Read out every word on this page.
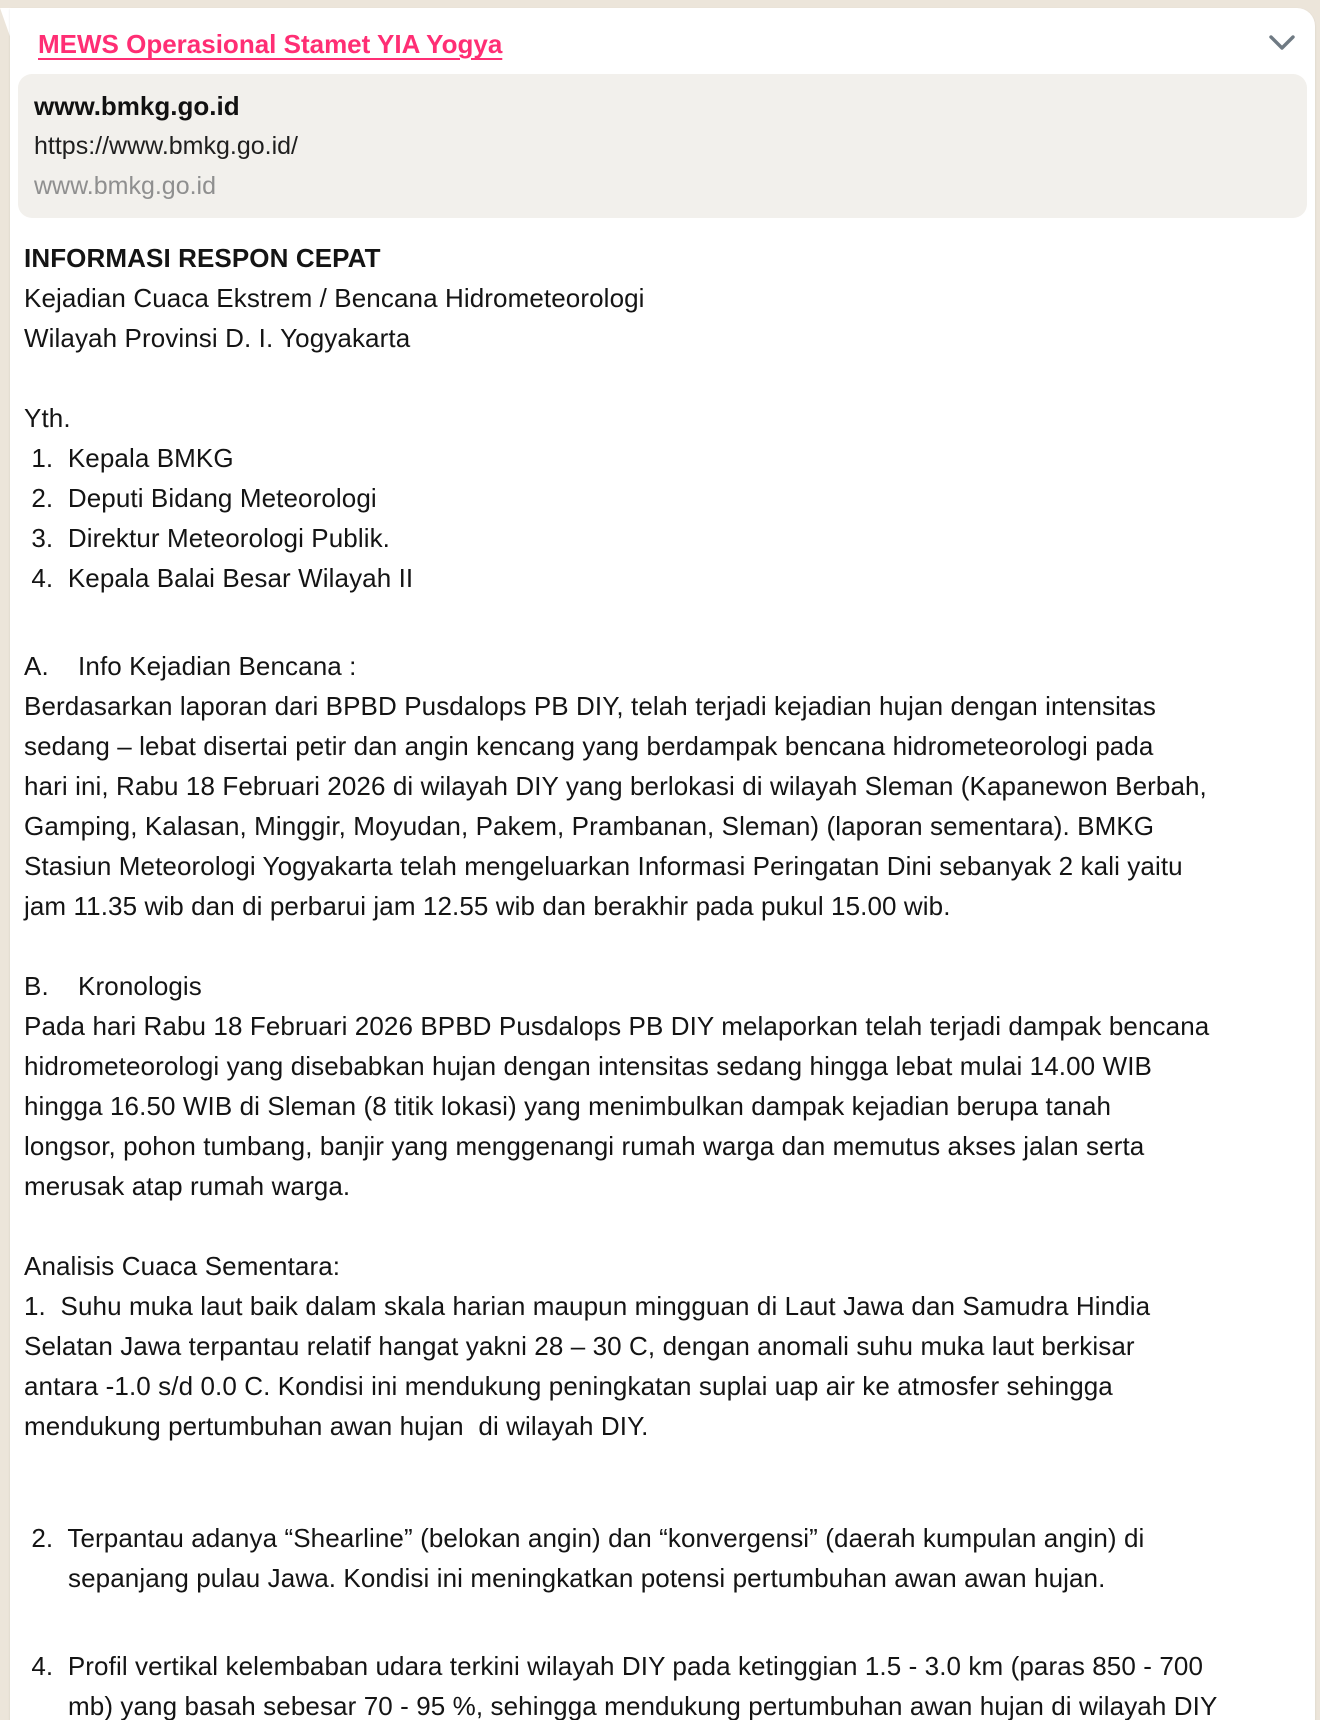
MEWS Operasional Stamet YIA Yogya
www.bmkg.go.id
https://www.bmkg.go.id/
www.bmkg.go.id
INFORMASI RESPON CEPAT
Kejadian Cuaca Ekstrem / Bencana Hidrometeorologi
Wilayah Provinsi D. I. Yogyakarta
Yth.
1.  Kepala BMKG
2.  Deputi Bidang Meteorologi
3.  Direktur Meteorologi Publik.
4.  Kepala Balai Besar Wilayah II
A.    Info Kejadian Bencana :
Berdasarkan laporan dari BPBD Pusdalops PB DIY, telah terjadi kejadian hujan dengan intensitas
sedang – lebat disertai petir dan angin kencang yang berdampak bencana hidrometeorologi pada
hari ini, Rabu 18 Februari 2026 di wilayah DIY yang berlokasi di wilayah Sleman (Kapanewon Berbah,
Gamping, Kalasan, Minggir, Moyudan, Pakem, Prambanan, Sleman) (laporan sementara). BMKG
Stasiun Meteorologi Yogyakarta telah mengeluarkan Informasi Peringatan Dini sebanyak 2 kali yaitu
jam 11.35 wib dan di perbarui jam 12.55 wib dan berakhir pada pukul 15.00 wib.
B.    Kronologis
Pada hari Rabu 18 Februari 2026 BPBD Pusdalops PB DIY melaporkan telah terjadi dampak bencana
hidrometeorologi yang disebabkan hujan dengan intensitas sedang hingga lebat mulai 14.00 WIB
hingga 16.50 WIB di Sleman (8 titik lokasi) yang menimbulkan dampak kejadian berupa tanah
longsor, pohon tumbang, banjir yang menggenangi rumah warga dan memutus akses jalan serta
merusak atap rumah warga.
Analisis Cuaca Sementara:
1.  Suhu muka laut baik dalam skala harian maupun mingguan di Laut Jawa dan Samudra Hindia
Selatan Jawa terpantau relatif hangat yakni 28 – 30 C, dengan anomali suhu muka laut berkisar
antara -1.0 s/d 0.0 C. Kondisi ini mendukung peningkatan suplai uap air ke atmosfer sehingga
mendukung pertumbuhan awan hujan  di wilayah DIY.
2.  Terpantau adanya “Shearline” (belokan angin) dan “konvergensi” (daerah kumpulan angin) di
sepanjang pulau Jawa. Kondisi ini meningkatkan potensi pertumbuhan awan awan hujan.
4.  Profil vertikal kelembaban udara terkini wilayah DIY pada ketinggian 1.5 - 3.0 km (paras 850 - 700
mb) yang basah sebesar 70 - 95 %, sehingga mendukung pertumbuhan awan hujan di wilayah DIY
